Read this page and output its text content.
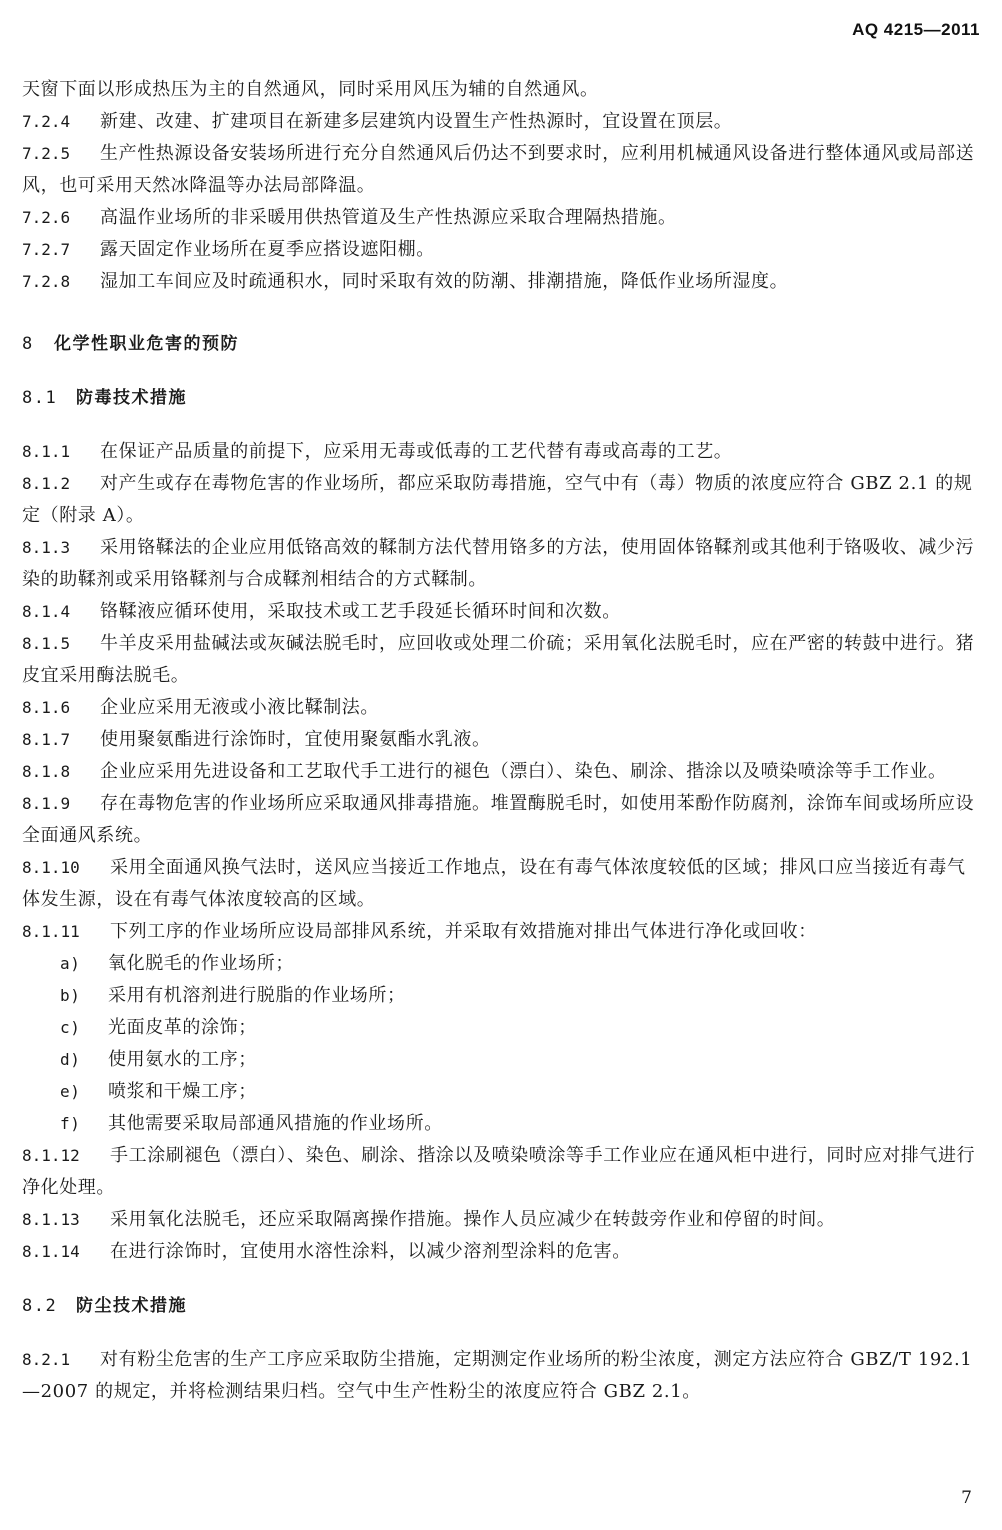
AQ 4215—2011

天窗下面以形成热压为主的自然通风，同时采用风压为辅的自然通风。

7.2.4 新建、改建、扩建项目在新建多层建筑内设置生产性热源时，宜设置在顶层。

7.2.5 生产性热源设备安装场所进行充分自然通风后仍达不到要求时，应利用机械通风设备进行整体通风或局部送风，也可采用天然冰降温等办法局部降温。

7.2.6 高温作业场所的非采暖用供热管道及生产性热源应采取合理隔热措施。

7.2.7 露天固定作业场所在夏季应搭设遮阳棚。

7.2.8 湿加工车间应及时疏通积水，同时采取有效的防潮、排潮措施，降低作业场所湿度。

8 化学性职业危害的预防

8.1 防毒技术措施

8.1.1 在保证产品质量的前提下，应采用无毒或低毒的工艺代替有毒或高毒的工艺。

8.1.2 对产生或存在毒物危害的作业场所，都应采取防毒措施，空气中有（毒）物质的浓度应符合 GBZ 2.1 的规定（附录 A）。

8.1.3 采用铬鞣法的企业应用低铬高效的鞣制方法代替用铬多的方法，使用固体铬鞣剂或其他利于铬吸收、减少污染的助鞣剂或采用铬鞣剂与合成鞣剂相结合的方式鞣制。

8.1.4 铬鞣液应循环使用，采取技术或工艺手段延长循环时间和次数。

8.1.5 牛羊皮采用盐碱法或灰碱法脱毛时，应回收或处理二价硫；采用氧化法脱毛时，应在严密的转鼓中进行。猪皮宜采用酶法脱毛。

8.1.6 企业应采用无液或小液比鞣制法。

8.1.7 使用聚氨酯进行涂饰时，宜使用聚氨酯水乳液。

8.1.8 企业应采用先进设备和工艺取代手工进行的褪色（漂白）、染色、刷涂、揩涂以及喷染喷涂等手工作业。

8.1.9 存在毒物危害的作业场所应采取通风排毒措施。堆置酶脱毛时，如使用苯酚作防腐剂，涂饰车间或场所应设全面通风系统。

8.1.10 采用全面通风换气法时，送风应当接近工作地点，设在有毒气体浓度较低的区域；排风口应当接近有毒气体发生源，设在有毒气体浓度较高的区域。

8.1.11 下列工序的作业场所应设局部排风系统，并采取有效措施对排出气体进行净化或回收：

a) 氧化脱毛的作业场所；

b) 采用有机溶剂进行脱脂的作业场所；

c) 光面皮革的涂饰；

d) 使用氨水的工序；

e) 喷浆和干燥工序；

f) 其他需要采取局部通风措施的作业场所。

8.1.12 手工涂刷褪色（漂白）、染色、刷涂、揩涂以及喷染喷涂等手工作业应在通风柜中进行，同时应对排气进行净化处理。

8.1.13 采用氧化法脱毛，还应采取隔离操作措施。操作人员应减少在转鼓旁作业和停留的时间。

8.1.14 在进行涂饰时，宜使用水溶性涂料，以减少溶剂型涂料的危害。

8.2 防尘技术措施

8.2.1 对有粉尘危害的生产工序应采取防尘措施，定期测定作业场所的粉尘浓度，测定方法应符合 GBZ/T 192.1—2007 的规定，并将检测结果归档。空气中生产性粉尘的浓度应符合 GBZ 2.1。

7
